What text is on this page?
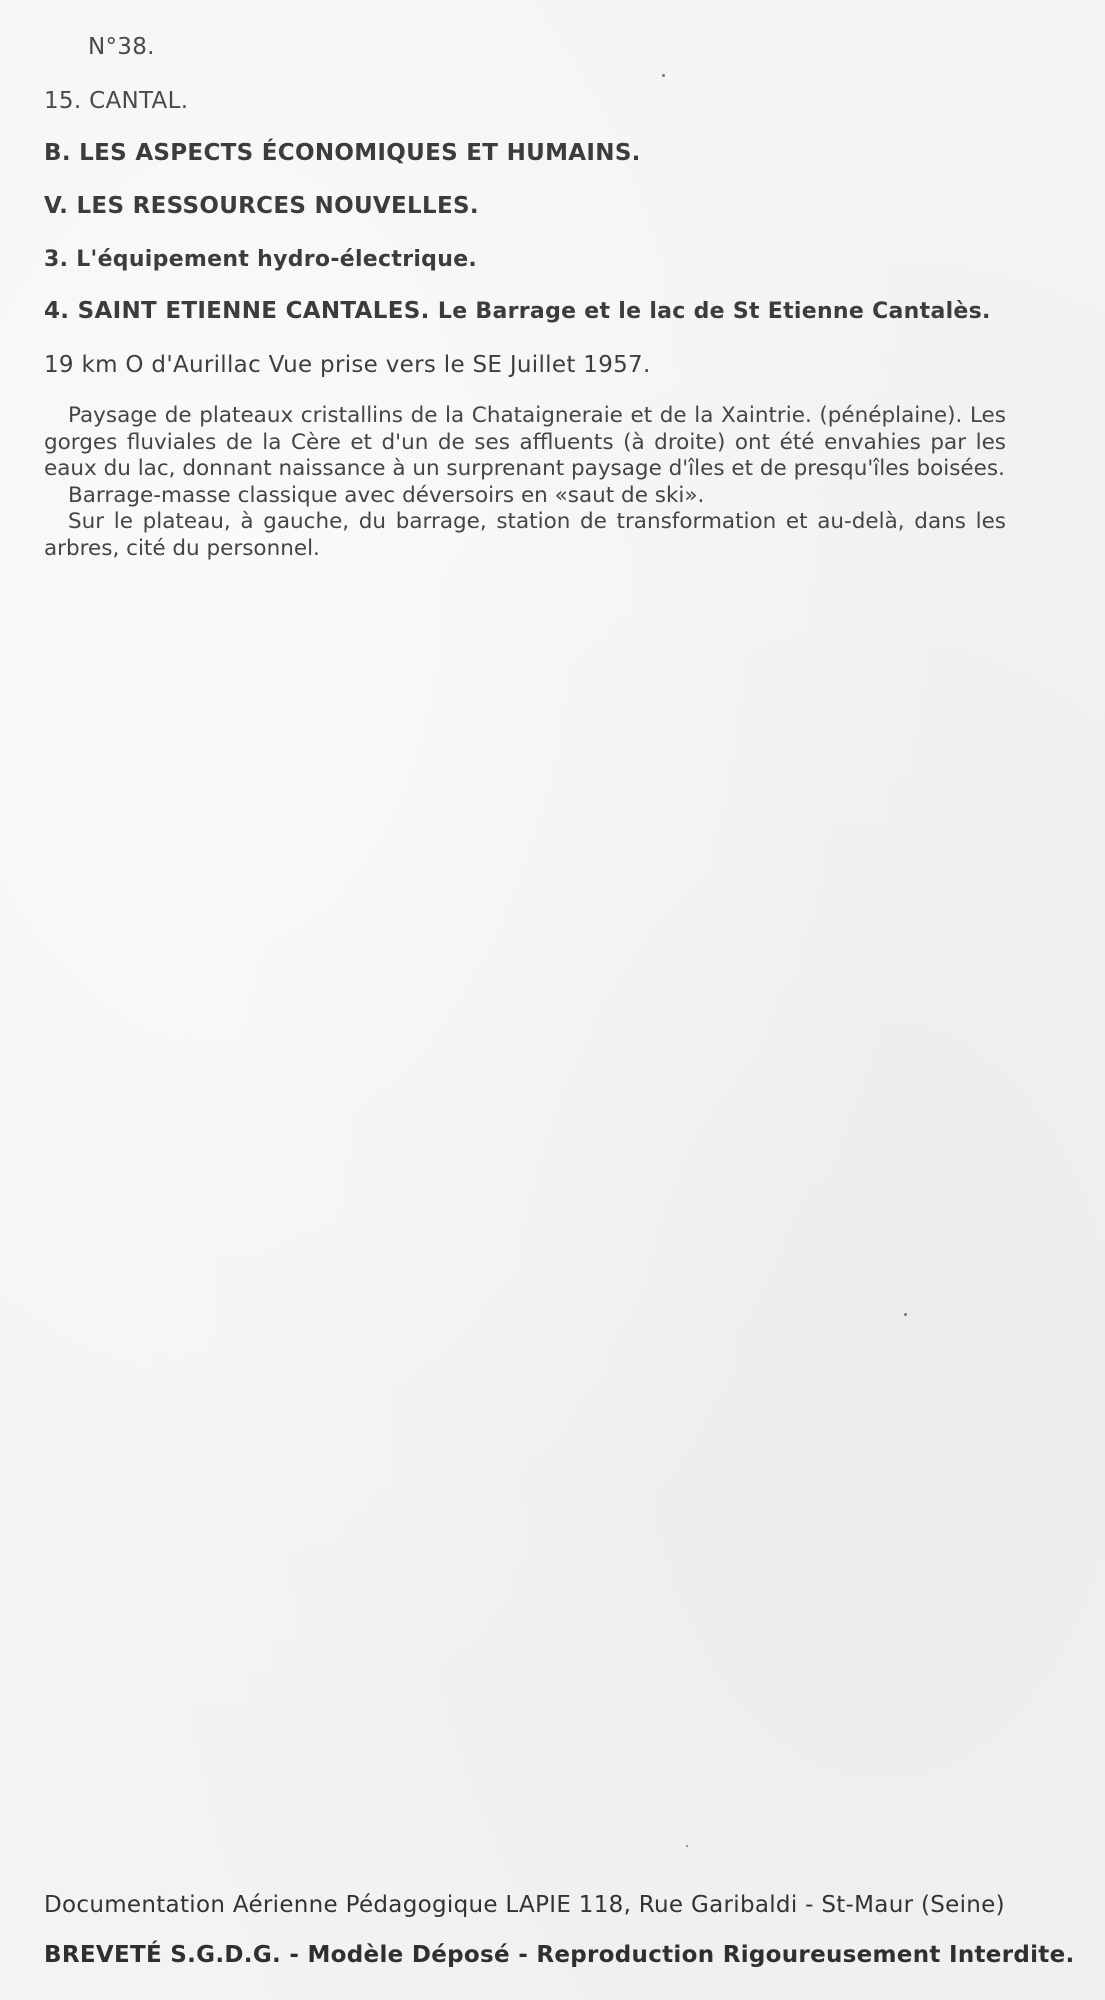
N°38.
15. CANTAL.
B. LES ASPECTS ÉCONOMIQUES ET HUMAINS.
V. LES RESSOURCES NOUVELLES.
3. L'équipement hydro-électrique.
4. SAINT ETIENNE CANTALES. Le Barrage et le lac de St Etienne Cantalès.
19 km O d'Aurillac Vue prise vers le SE Juillet 1957.

Paysage de plateaux cristallins de la Chataigneraie et de la Xaintrie. (pénéplaine). Les gorges fluviales de la Cère et d'un de ses affluents (à droite) ont été envahies par les eaux du lac, donnant naissance à un surprenant paysage d'îles et de presqu'îles boisées.

Barrage-masse classique avec déversoirs en «saut de ski».

Sur le plateau, à gauche, du barrage, station de transformation et au-delà, dans les arbres, cité du personnel.

Documentation Aérienne Pédagogique LAPIE 118, Rue Garibaldi - St-Maur (Seine)
BREVETÉ S.G.D.G. - Modèle Déposé - Reproduction Rigoureusement Interdite.
